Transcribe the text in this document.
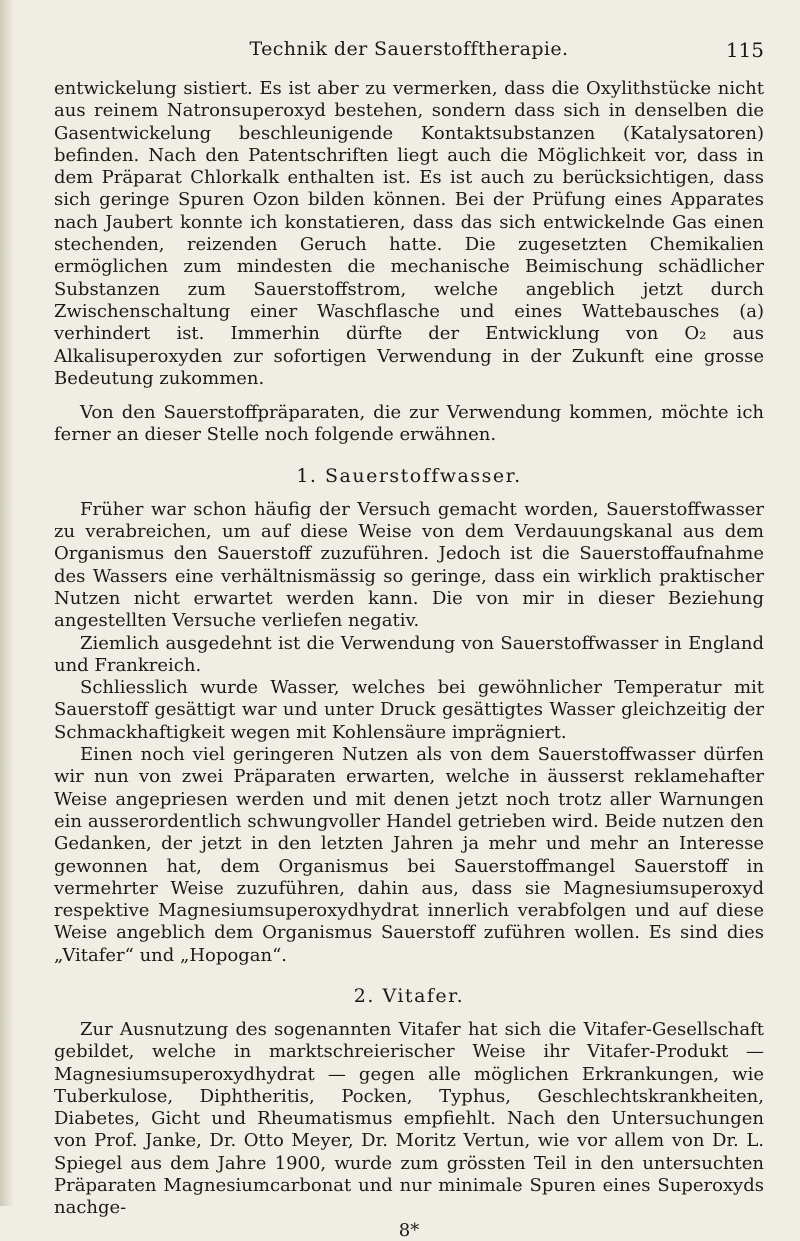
Technik der Sauerstofftherapie.	115

entwickelung sistiert. Es ist aber zu vermerken, dass die Oxylithstücke nicht aus reinem Natronsuperoxyd bestehen, sondern dass sich in denselben die Gasentwickelung beschleunigende Kontaktsubstanzen (Katalysatoren) befinden. Nach den Patentschriften liegt auch die Möglichkeit vor, dass in dem Präparat Chlorkalk enthalten ist. Es ist auch zu berücksichtigen, dass sich geringe Spuren Ozon bilden können. Bei der Prüfung eines Apparates nach Jaubert konnte ich konstatieren, dass das sich entwickelnde Gas einen stechenden, reizenden Geruch hatte. Die zugesetzten Chemikalien ermöglichen zum mindesten die mechanische Beimischung schädlicher Substanzen zum Sauerstoffstrom, welche angeblich jetzt durch Zwischenschaltung einer Waschflasche und eines Wattebausches (a) verhindert ist. Immerhin dürfte der Entwicklung von O₂ aus Alkalisuperoxyden zur sofortigen Verwendung in der Zukunft eine grosse Bedeutung zukommen.

Von den Sauerstoffpräparaten, die zur Verwendung kommen, möchte ich ferner an dieser Stelle noch folgende erwähnen.

1. Sauerstoffwasser.

Früher war schon häufig der Versuch gemacht worden, Sauerstoffwasser zu verabreichen, um auf diese Weise von dem Verdauungskanal aus dem Organismus den Sauerstoff zuzuführen. Jedoch ist die Sauerstoffaufnahme des Wassers eine verhältnismässig so geringe, dass ein wirklich praktischer Nutzen nicht erwartet werden kann. Die von mir in dieser Beziehung angestellten Versuche verliefen negativ.

Ziemlich ausgedehnt ist die Verwendung von Sauerstoffwasser in England und Frankreich.

Schliesslich wurde Wasser, welches bei gewöhnlicher Temperatur mit Sauerstoff gesättigt war und unter Druck gesättigtes Wasser gleichzeitig der Schmackhaftigkeit wegen mit Kohlensäure imprägniert.

Einen noch viel geringeren Nutzen als von dem Sauerstoffwasser dürfen wir nun von zwei Präparaten erwarten, welche in äusserst reklamehafter Weise angepriesen werden und mit denen jetzt noch trotz aller Warnungen ein ausserordentlich schwungvoller Handel getrieben wird. Beide nutzen den Gedanken, der jetzt in den letzten Jahren ja mehr und mehr an Interesse gewonnen hat, dem Organismus bei Sauerstoffmangel Sauerstoff in vermehrter Weise zuzuführen, dahin aus, dass sie Magnesiumsuperoxyd respektive Magnesiumsuperoxydhydrat innerlich verabfolgen und auf diese Weise angeblich dem Organismus Sauerstoff zuführen wollen. Es sind dies „Vitafer“ und „Hopogan“.

2. Vitafer.

Zur Ausnutzung des sogenannten Vitafer hat sich die Vitafer-Gesellschaft gebildet, welche in marktschreierischer Weise ihr Vitafer-Produkt — Magnesiumsuperoxydhydrat — gegen alle möglichen Erkrankungen, wie Tuberkulose, Diphtheritis, Pocken, Typhus, Geschlechtskrankheiten, Diabetes, Gicht und Rheumatismus empfiehlt. Nach den Untersuchungen von Prof. Janke, Dr. Otto Meyer, Dr. Moritz Vertun, wie vor allem von Dr. L. Spiegel aus dem Jahre 1900, wurde zum grössten Teil in den untersuchten Präparaten Magnesiumcarbonat und nur minimale Spuren eines Superoxyds nachge-

8*
